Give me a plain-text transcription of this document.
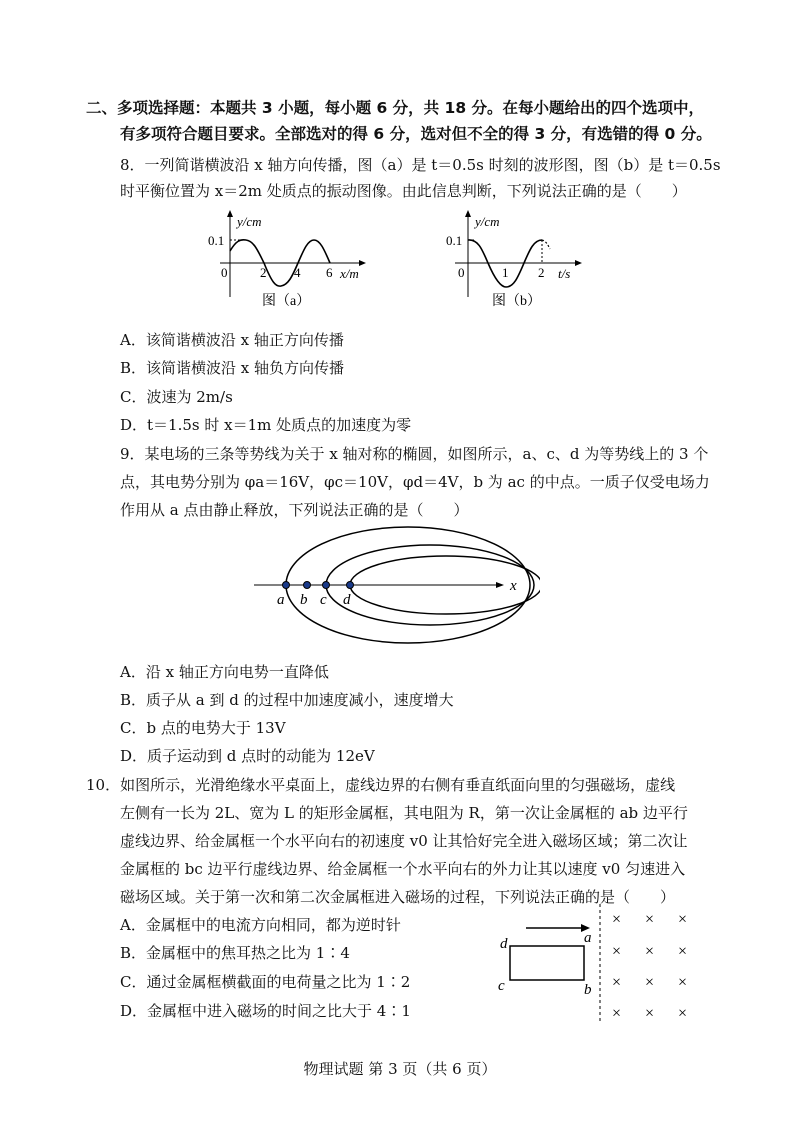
二、多项选择题：本题共 3 小题，每小题 6 分，共 18 分。在每小题给出的四个选项中，
有多项符合题目要求。全部选对的得 6 分，选对但不全的得 3 分，有选错的得 0 分。
8．一列简谐横波沿 x 轴方向传播，图（a）是 t＝0.5s 时刻的波形图，图（b）是 t＝0.5s
时平衡位置为 x＝2m 处质点的振动图像。由此信息判断，下列说法正确的是（　　）
y/cm
0.1
0	2 4 6 x/m
图（a）
y/cm
0.1
0	1 2 t/s
图（b）
A．该简谐横波沿 x 轴正方向传播
B．该简谐横波沿 x 轴负方向传播
C．波速为 2m/s
D．t＝1.5s 时 x＝1m 处质点的加速度为零
9．某电场的三条等势线为关于 x 轴对称的椭圆，如图所示，a、c、d 为等势线上的 3 个
点，其电势分别为 φa＝16V，φc＝10V，φd＝4V，b 为 ac 的中点。一质子仅受电场力
作用从 a 点由静止释放，下列说法正确的是（　　）
a b c d
x
A．沿 x 轴正方向电势一直降低
B．质子从 a 到 d 的过程中加速度减小，速度增大
C．b 点的电势大于 13V
D．质子运动到 d 点时的动能为 12eV
10．如图所示，光滑绝缘水平桌面上，虚线边界的右侧有垂直纸面向里的匀强磁场，虚线
左侧有一长为 2L、宽为 L 的矩形金属框，其电阻为 R，第一次让金属框的 ab 边平行
虚线边界、给金属框一个水平向右的初速度 v0 让其恰好完全进入磁场区域；第二次让
金属框的 bc 边平行虚线边界、给金属框一个水平向右的外力让其以速度 v0 匀速进入
磁场区域。关于第一次和第二次金属框进入磁场的过程，下列说法正确的是（　　）
A．金属框中的电流方向相同，都为逆时针
B．金属框中的焦耳热之比为 1∶4
C．通过金属框横截面的电荷量之比为 1∶2
D．金属框中进入磁场的时间之比大于 4∶1
d	a
c	b
× × ×
× × ×
× × ×
× × ×
物理试题 第 3 页（共 6 页）
